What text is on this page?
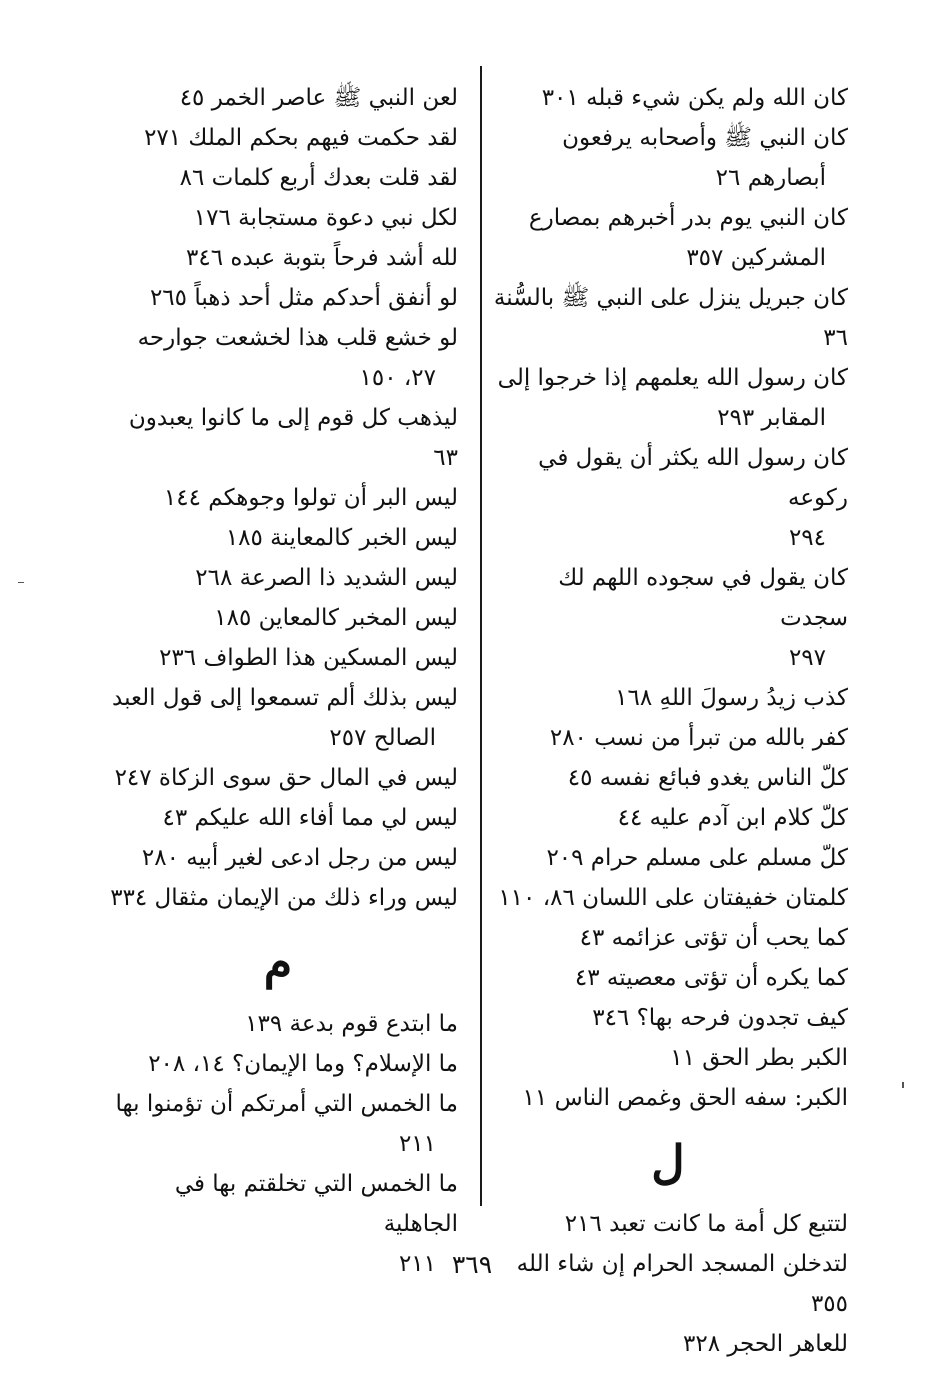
كان الله ولم يكن شيء قبله ٣٠١

كان النبي ﷺ وأصحابه يرفعون
أبصارهم ٢٦

كان النبي يوم بدر أخبرهم بمصارع
المشركين ٣٥٧

كان جبريل ينزل على النبي ﷺ بالسُّنة ٣٦

كان رسول الله يعلمهم إذا خرجوا إلى
المقابر ٢٩٣

كان رسول الله يكثر أن يقول في ركوعه
٢٩٤

كان يقول في سجوده اللهم لك سجدت
٢٩٧

كذب زيدُ رسولَ اللهِ ١٦٨

كفر بالله من تبرأ من نسب ٢٨٠

كلّ الناس يغدو فبائع نفسه ٤٥

كلّ كلام ابن آدم عليه ٤٤

كلّ مسلم على مسلم حرام ٢٠٩

كلمتان خفيفتان على اللسان ٨٦، ١١٠

كما يحب أن تؤتى عزائمه ٤٣

كما يكره أن تؤتى معصيته ٤٣

كيف تجدون فرحه بها؟ ٣٤٦

الكبر بطر الحق ١١

الكبر: سفه الحق وغمص الناس ١١

ل

لتتبع كل أمة ما كانت تعبد ٢١٦

لتدخلن المسجد الحرام إن شاء الله ٣٥٥

للعاهر الحجر ٣٢٨

لعن النبي ﷺ عاصر الخمر ٤٥

لقد حكمت فيهم بحكم الملك ٢٧١

لقد قلت بعدك أربع كلمات ٨٦

لكل نبي دعوة مستجابة ١٧٦

لله أشد فرحاً بتوبة عبده ٣٤٦

لو أنفق أحدكم مثل أحد ذهباً ٢٦٥

لو خشع قلب هذا لخشعت جوارحه
٢٧، ١٥٠

ليذهب كل قوم إلى ما كانوا يعبدون ٦٣

ليس البر أن تولوا وجوهكم ١٤٤

ليس الخبر كالمعاينة ١٨٥

ليس الشديد ذا الصرعة ٢٦٨

ليس المخبر كالمعاين ١٨٥

ليس المسكين هذا الطواف ٢٣٦

ليس بذلك ألم تسمعوا إلى قول العبد
الصالح ٢٥٧

ليس في المال حق سوى الزكاة ٢٤٧

ليس لي مما أفاء الله عليكم ٤٣

ليس من رجل ادعى لغير أبيه ٢٨٠

ليس وراء ذلك من الإيمان مثقال ٣٣٤

م

ما ابتدع قوم بدعة ١٣٩

ما الإسلام؟ وما الإيمان؟ ١٤، ٢٠٨

ما الخمس التي أمرتكم أن تؤمنوا بها
٢١١

ما الخمس التي تخلقتم بها في الجاهلية
٢١١ ٣٦٩
